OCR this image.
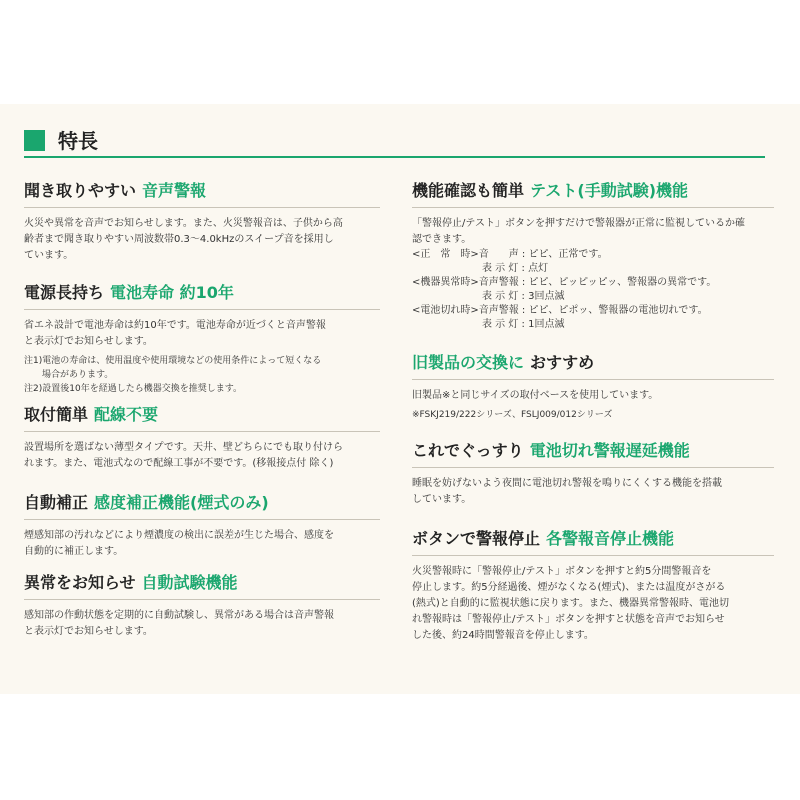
特長
聞き取りやすい 音声警報
火災や異常を音声でお知らせします。また、火災警報音は、子供から高
齢者まで聞き取りやすい周波数帯0.3〜4.0kHzのスイープ音を採用し
ています。
電源長持ち 電池寿命 約10年
省エネ設計で電池寿命は約10年です。電池寿命が近づくと音声警報
と表示灯でお知らせします。
注1)電池の寿命は、使用温度や使用環境などの使用条件によって短くなる
　　場合があります。
注2)設置後10年を経過したら機器交換を推奨します。
取付簡単 配線不要
設置場所を選ばない薄型タイプです。天井、壁どちらにでも取り付けら
れます。また、電池式なので配線工事が不要です。(移報接点付 除く)
自動補正 感度補正機能(煙式のみ)
煙感知部の汚れなどにより煙濃度の検出に誤差が生じた場合、感度を
自動的に補正します。
異常をお知らせ 自動試験機能
感知部の作動状態を定期的に自動試験し、異常がある場合は音声警報
と表示灯でお知らせします。
機能確認も簡単 テスト(手動試験)機能
「警報停止/テスト」ボタンを押すだけで警報器が正常に監視しているか確
認できます。
<正　常　時>音　　声 : ピピ、正常です。
　　　　　　　表 示 灯 : 点灯
<機器異常時>音声警報 : ピピ、ピッピッピッ、警報器の異常です。
　　　　　　　表 示 灯 : 3回点滅
<電池切れ時>音声警報 : ピピ、ピポッ、警報器の電池切れです。
　　　　　　　表 示 灯 : 1回点滅
旧製品の交換に おすすめ
旧製品※と同じサイズの取付ベースを使用しています。
※FSKJ219/222シリーズ、FSLJ009/012シリーズ
これでぐっすり 電池切れ警報遅延機能
睡眠を妨げないよう夜間に電池切れ警報を鳴りにくくする機能を搭載
しています。
ボタンで警報停止 各警報音停止機能
火災警報時に「警報停止/テスト」ボタンを押すと約5分間警報音を
停止します。約5分経過後、煙がなくなる(煙式)、または温度がさがる
(熱式)と自動的に監視状態に戻ります。また、機器異常警報時、電池切
れ警報時は「警報停止/テスト」ボタンを押すと状態を音声でお知らせ
した後、約24時間警報音を停止します。
